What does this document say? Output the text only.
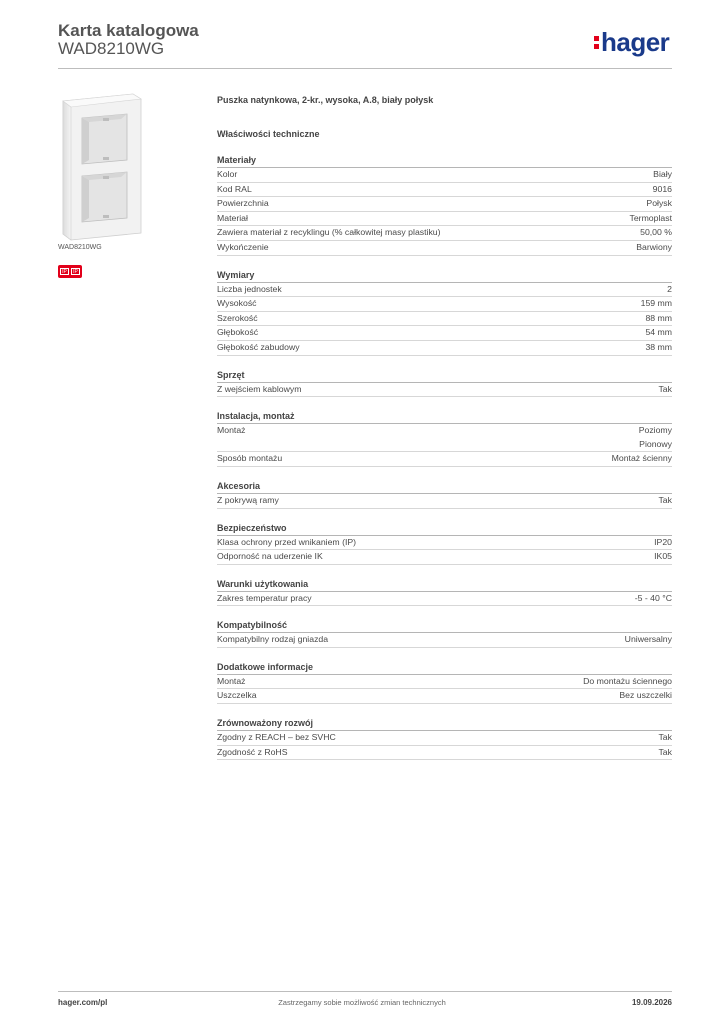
Karta katalogowa
WAD8210WG	hager
WAD8210WG
IP	IP
Puszka natynkowa, 2-kr., wysoka, A.8, biały połysk
Właściwości techniczne
Materiały
Kolor	Biały
Kod RAL	9016
Powierzchnia	Połysk
Materiał	Termoplast
Zawiera materiał z recyklingu (% całkowitej masy plastiku)	50,00 %
Wykończenie	Barwiony
Wymiary
Liczba jednostek	2
Wysokość	159 mm
Szerokość	88 mm
Głębokość	54 mm
Głębokość zabudowy	38 mm
Sprzęt
Z wejściem kablowym	Tak
Instalacja, montaż
Montaż	Poziomy
Pionowy
Sposób montażu	Montaż ścienny
Akcesoria
Z pokrywą ramy	Tak
Bezpieczeństwo
Klasa ochrony przed wnikaniem (IP)	IP20
Odporność na uderzenie IK	IK05
Warunki użytkowania
Zakres temperatur pracy	-5 - 40 °C
Kompatybilność
Kompatybilny rodzaj gniazda	Uniwersalny
Dodatkowe informacje
Montaż	Do montażu ściennego
Uszczelka	Bez uszczelki
Zrównoważony rozwój
Zgodny z REACH – bez SVHC	Tak
Zgodność z RoHS	Tak
hager.com/pl	Zastrzegamy sobie możliwość zmian technicznych	19.09.2026
